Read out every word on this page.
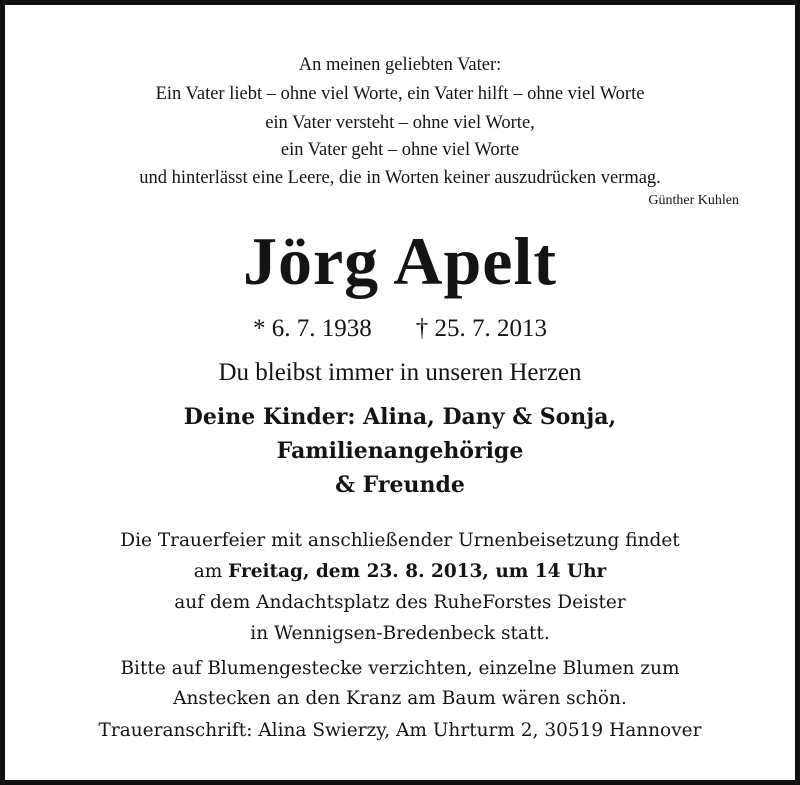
An meinen geliebten Vater:
Ein Vater liebt – ohne viel Worte, ein Vater hilft – ohne viel Worte
ein Vater versteht – ohne viel Worte,
ein Vater geht – ohne viel Worte
und hinterlässt eine Leere, die in Worten keiner auszudrücken vermag.
Günther Kuhlen
Jörg Apelt
* 6. 7. 1938 † 25. 7. 2013
Du bleibst immer in unseren Herzen
Deine Kinder: Alina, Dany & Sonja,
Familienangehörige
& Freunde
Die Trauerfeier mit anschließender Urnenbeisetzung findet
am Freitag, dem 23. 8. 2013, um 14 Uhr
auf dem Andachtsplatz des RuheForstes Deister
in Wennigsen-Bredenbeck statt.
Bitte auf Blumengestecke verzichten, einzelne Blumen zum
Anstecken an den Kranz am Baum wären schön.
Traueranschrift: Alina Swierzy, Am Uhrturm 2, 30519 Hannover
